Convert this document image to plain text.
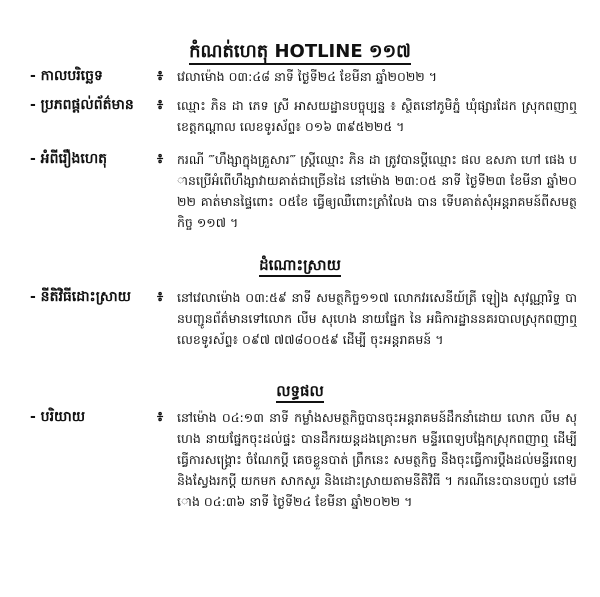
កំណត់ហេតុ HOTLINE ១១៧
- កាលបរិច្ឆេទ	៖	វេលាម៉ោង ០៣:៤៨ នាទី ថ្ងៃទី២៤ ខែមីនា ឆ្នាំ២០២២ ។
- ប្រភពផ្តល់ព័ត៌មាន	៖	ឈ្មោះ ភិន ដា ភេទ ស្រី អាសយដ្ឋានបច្ចុប្បន្ន ៖ ស្ថិតនៅភូមិភ្នំ ឃុំផ្សារដែក ស្រុកពញាឮ ខេត្តកណ្តាល លេខទូរស័ព្ទ៖ ០១៦ ៣៩៥២២៥ ។
- អំពីរឿងហេតុ	៖	ករណី ‴ហឹង្សាក្នុងគ្រួសារ‴ ស្ត្រីឈ្មោះ ភិន ដា ត្រូវបានប្តីឈ្មោះ ផល ឧសភា ហៅ ផេង បានប្រើអំពើហឹង្សាវាយគាត់ជាច្រើនដៃ នៅម៉ោង ២៣:០៥ នាទី ថ្ងៃទី២៣ ខែមីនា ឆ្នាំ២០២២ គាត់មានផ្ទៃពោះ ០៥ខែ ធ្វើឲ្យឈឺពោះត្រាំលែង បាន ទើបគាត់សុំអន្តរាគមន៍ពីសមត្ថកិច្ច ១១៧ ។
ដំណោះស្រាយ
- នីតិវិធីដោះស្រាយ	៖	នៅវេលាម៉ោង ០៣:៥៩ នាទី សមត្ថកិច្ច១១៧ លោកវរសេនីយ៍ត្រី ឡៀង សុវណ្ណារិទ្ធ បានបញ្ជូនព័ត៌មានទៅលោក លីម សុហេង នាយផ្នែក នៃ អធិការដ្ឋាននគរបាលស្រុកពញាឮ លេខទូរស័ព្ទ៖ ០៩៧ ៧៧៨០០៥៩ ដើម្បី ចុះអន្តរាគមន៍ ។
លទ្ធផល
- បរិយាយ	៖	នៅម៉ោង ០៤:១៣ នាទី កម្លាំងសមត្ថកិច្ចបានចុះអន្តរាគមន៍ដឹកនាំដោយ លោក លីម សុហេង នាយផ្នែកចុះដល់ផ្ទះ បានដឹករយន្តដងគ្រោះមក មន្ទីរពេទ្យបង្អែកស្រុកពញាឮ ដើម្បីធ្វើការសង្គ្រោះ ចំណែកប្តី គេចខ្លួនបាត់ ព្រឹកនេះ សមត្ថកិច្ច នឹងចុះធ្វើការប្តឹងដល់មន្ទីរពេទ្យ និងស្វែងរកប្តី យកមក សាកសួរ និងដោះស្រាយតាមនីតិវិធី ។ ករណីនេះបានបញ្ចប់ នៅម៉ោង ០៤:៣៦ នាទី ថ្ងៃទី២៤ ខែមីនា ឆ្នាំ២០២២ ។
